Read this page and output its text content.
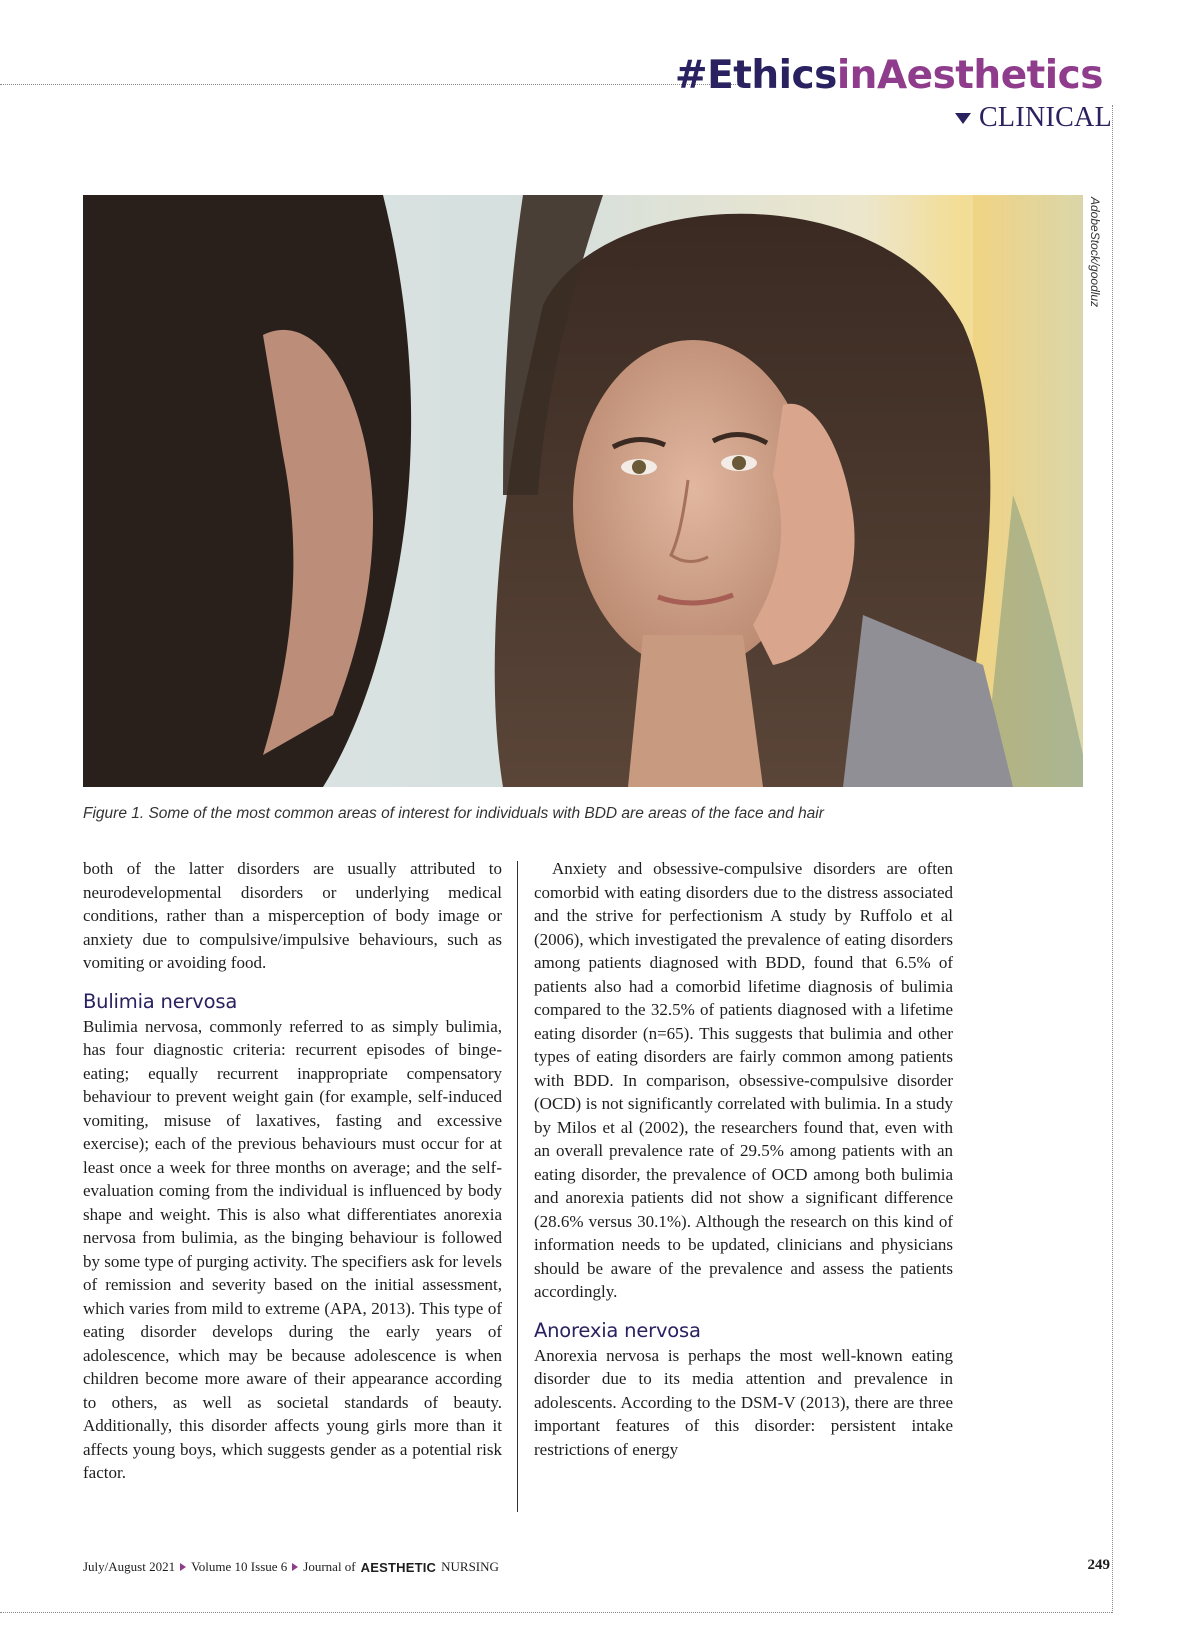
#EthicsinAesthetics
CLINICAL
AdobeStock/goodluz

Figure 1. Some of the most common areas of interest for individuals with BDD are areas of the face and hair

both of the latter disorders are usually attributed to neurodevelopmental disorders or underlying medical conditions, rather than a misperception of body image or anxiety due to compulsive/impulsive behaviours, such as vomiting or avoiding food.

Bulimia nervosa

Bulimia nervosa, commonly referred to as simply bulimia, has four diagnostic criteria: recurrent episodes of binge-eating; equally recurrent inappropriate compensatory behaviour to prevent weight gain (for example, self-induced vomiting, misuse of laxatives, fasting and excessive exercise); each of the previous behaviours must occur for at least once a week for three months on average; and the self-evaluation coming from the individual is influenced by body shape and weight. This is also what differentiates anorexia nervosa from bulimia, as the binging behaviour is followed by some type of purging activity. The specifiers ask for levels of remission and severity based on the initial assessment, which varies from mild to extreme (APA, 2013). This type of eating disorder develops during the early years of adolescence, which may be because adolescence is when children become more aware of their appearance according to others, as well as societal standards of beauty. Additionally, this disorder affects young girls more than it affects young boys, which suggests gender as a potential risk factor.

Anxiety and obsessive-compulsive disorders are often comorbid with eating disorders due to the distress associated and the strive for perfectionism A study by Ruffolo et al (2006), which investigated the prevalence of eating disorders among patients diagnosed with BDD, found that 6.5% of patients also had a comorbid lifetime diagnosis of bulimia compared to the 32.5% of patients diagnosed with a lifetime eating disorder (n=65). This suggests that bulimia and other types of eating disorders are fairly common among patients with BDD. In comparison, obsessive-compulsive disorder (OCD) is not significantly correlated with bulimia. In a study by Milos et al (2002), the researchers found that, even with an overall prevalence rate of 29.5% among patients with an eating disorder, the prevalence of OCD among both bulimia and anorexia patients did not show a significant difference (28.6% versus 30.1%). Although the research on this kind of information needs to be updated, clinicians and physicians should be aware of the prevalence and assess the patients accordingly.

Anorexia nervosa

Anorexia nervosa is perhaps the most well-known eating disorder due to its media attention and prevalence in adolescents. According to the DSM-V (2013), there are three important features of this disorder: persistent intake restrictions of energy

July/August 2021 Volume 10 Issue 6 Journal of AESTHETIC NURSING	249
